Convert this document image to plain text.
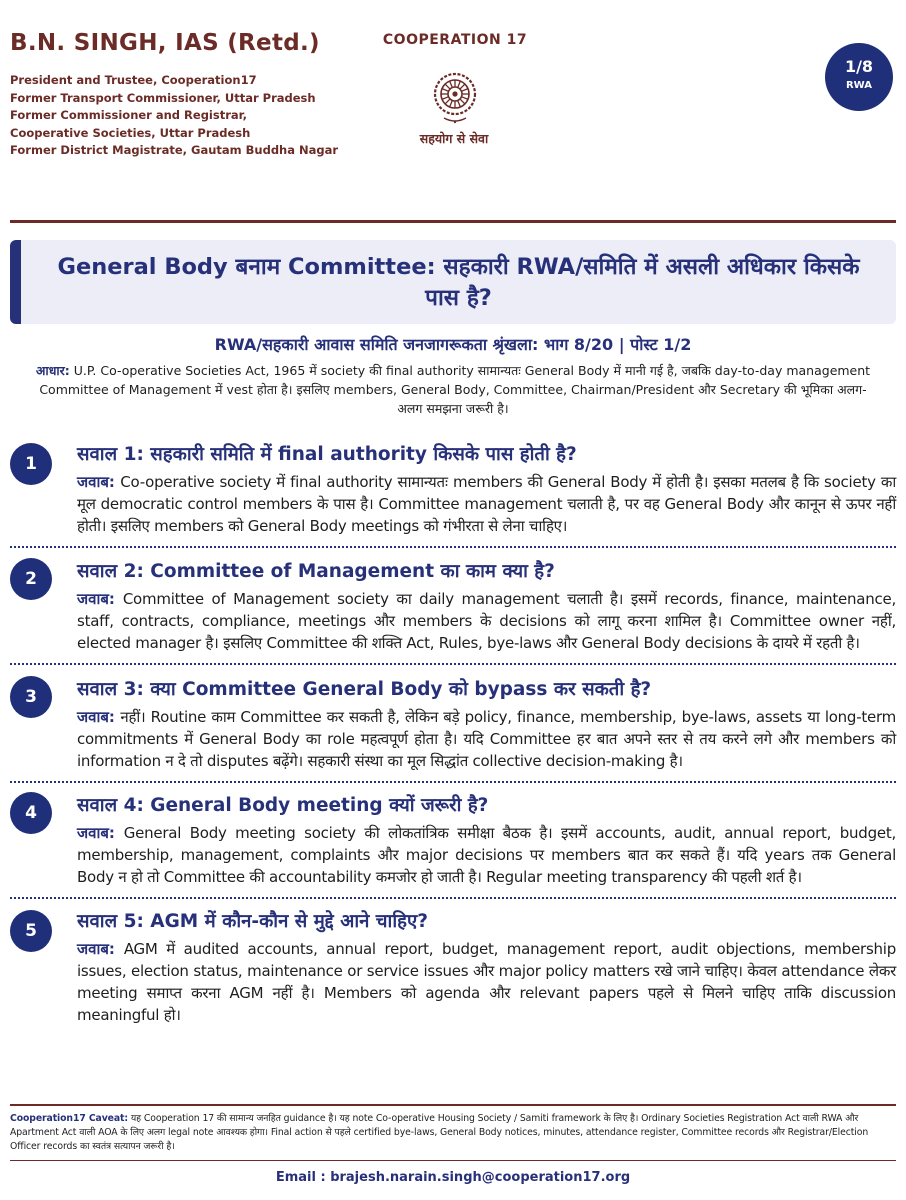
B.N. SINGH, IAS (Retd.)
President and Trustee, Cooperation17
Former Transport Commissioner, Uttar Pradesh
Former Commissioner and Registrar,
Cooperative Societies, Uttar Pradesh
Former District Magistrate, Gautam Buddha Nagar
COOPERATION 17
सहयोग से सेवा
1/8
RWA
General Body बनाम Committee: सहकारी RWA/समिति में असली अधिकार किसके पास है?
RWA/सहकारी आवास समिति जनजागरूकता श्रृंखला: भाग 8/20 | पोस्ट 1/2
आधार: U.P. Co-operative Societies Act, 1965 में society की final authority सामान्यतः General Body में मानी गई है, जबकि day-to-day management Committee of Management में vest होता है। इसलिए members, General Body, Committee, Chairman/President और Secretary की भूमिका अलग-अलग समझना जरूरी है।
1	सवाल 1: सहकारी समिति में final authority किसके पास होती है?
जवाब: Co-operative society में final authority सामान्यतः members की General Body में होती है। इसका मतलब है कि society का मूल democratic control members के पास है। Committee management चलाती है, पर वह General Body और कानून से ऊपर नहीं होती। इसलिए members को General Body meetings को गंभीरता से लेना चाहिए।
2	सवाल 2: Committee of Management का काम क्या है?
जवाब: Committee of Management society का daily management चलाती है। इसमें records, finance, maintenance, staff, contracts, compliance, meetings और members के decisions को लागू करना शामिल है। Committee owner नहीं, elected manager है। इसलिए Committee की शक्ति Act, Rules, bye-laws और General Body decisions के दायरे में रहती है।
3	सवाल 3: क्या Committee General Body को bypass कर सकती है?
जवाब: नहीं। Routine काम Committee कर सकती है, लेकिन बड़े policy, finance, membership, bye-laws, assets या long-term commitments में General Body का role महत्वपूर्ण होता है। यदि Committee हर बात अपने स्तर से तय करने लगे और members को information न दे तो disputes बढ़ेंगे। सहकारी संस्था का मूल सिद्धांत collective decision-making है।
4	सवाल 4: General Body meeting क्यों जरूरी है?
जवाब: General Body meeting society की लोकतांत्रिक समीक्षा बैठक है। इसमें accounts, audit, annual report, budget, membership, management, complaints और major decisions पर members बात कर सकते हैं। यदि years तक General Body न हो तो Committee की accountability कमजोर हो जाती है। Regular meeting transparency की पहली शर्त है।
5	सवाल 5: AGM में कौन-कौन से मुद्दे आने चाहिए?
जवाब: AGM में audited accounts, annual report, budget, management report, audit objections, membership issues, election status, maintenance or service issues और major policy matters रखे जाने चाहिए। केवल attendance लेकर meeting समाप्त करना AGM नहीं है। Members को agenda और relevant papers पहले से मिलने चाहिए ताकि discussion meaningful हो।
Cooperation17 Caveat: यह Cooperation 17 की सामान्य जनहित guidance है। यह note Co-operative Housing Society / Samiti framework के लिए है। Ordinary Societies Registration Act वाली RWA और Apartment Act वाली AOA के लिए अलग legal note आवश्यक होगा। Final action से पहले certified bye-laws, General Body notices, minutes, attendance register, Committee records और Registrar/Election Officer records का स्वतंत्र सत्यापन जरूरी है।
Email : brajesh.narain.singh@cooperation17.org
